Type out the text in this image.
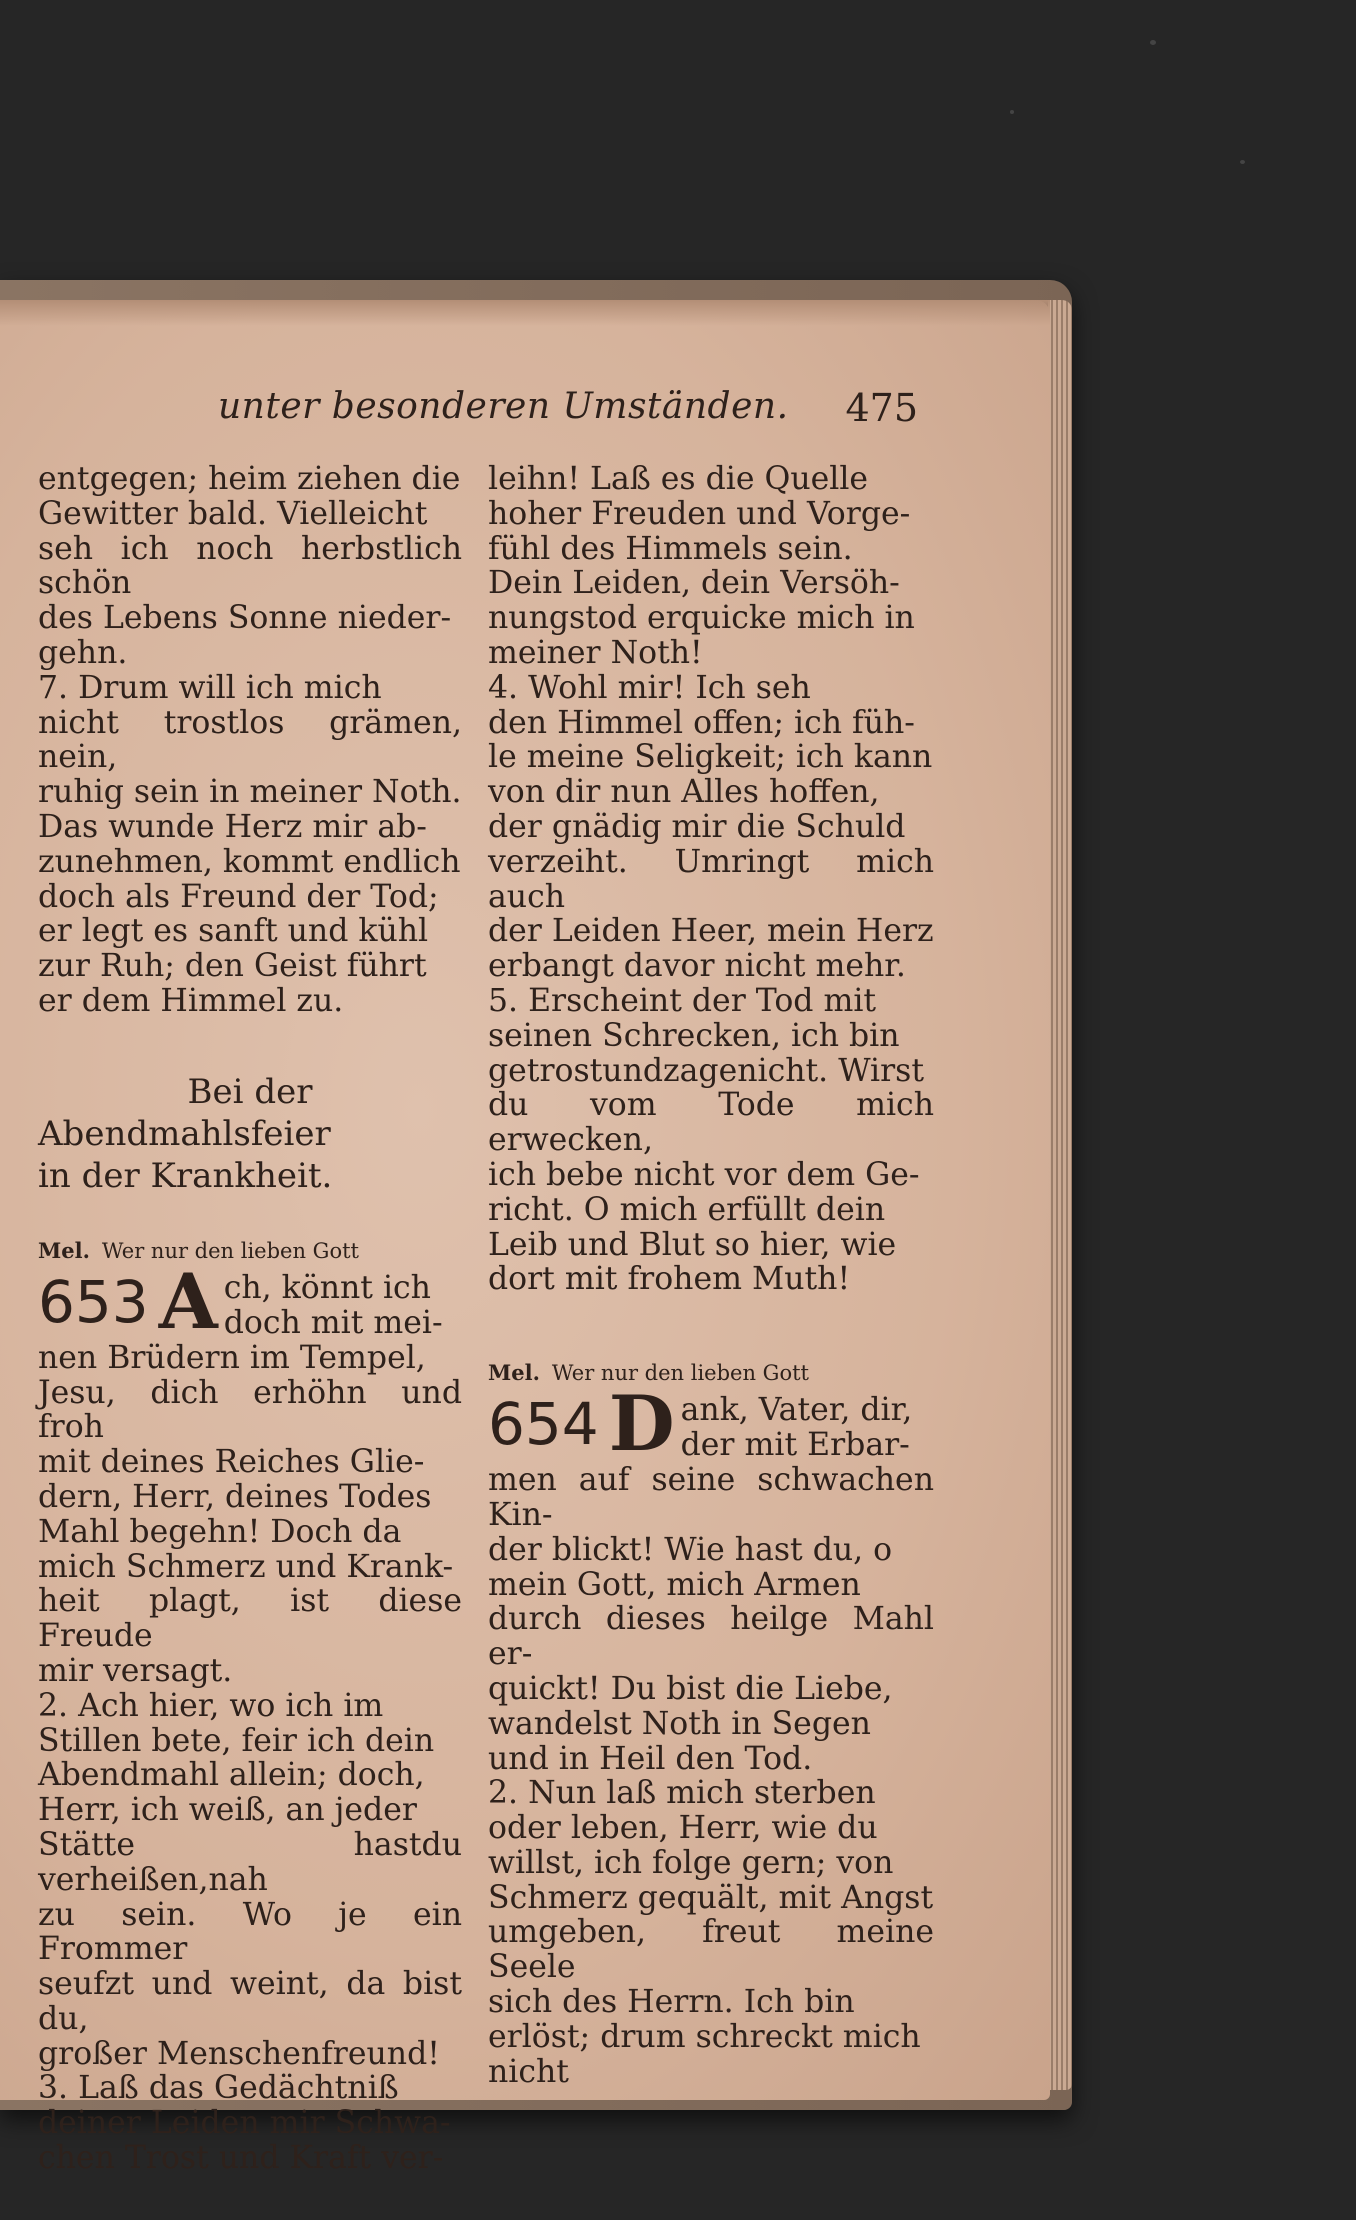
unter besonderen Umständen. 475

entgegen; heim ziehen die
Gewitter bald. Vielleicht
seh ich noch herbstlich schön
des Lebens Sonne nieder-
gehn.

7. Drum will ich mich
nicht trostlos grämen, nein,
ruhig sein in meiner Noth.
Das wunde Herz mir ab-
zunehmen, kommt endlich
doch als Freund der Tod;
er legt es sanft und kühl
zur Ruh; den Geist führt
er dem Himmel zu.

Bei der Abendmahlsfeier
in der Krankheit.
Mel. Wer nur den lieben Gott
653 A ch, könnt ich
doch mit mei-

nen Brüdern im Tempel,
Jesu, dich erhöhn und froh
mit deines Reiches Glie-
dern, Herr, deines Todes
Mahl begehn! Doch da
mich Schmerz und Krank-
heit plagt, ist diese Freude
mir versagt.

2. Ach hier, wo ich im
Stillen bete, feir ich dein
Abendmahl allein; doch,
Herr, ich weiß, an jeder
Stätte hastdu verheißen,nah
zu sein. Wo je ein Frommer
seufzt und weint, da bist du,
großer Menschenfreund!

3. Laß das Gedächtniß
deiner Leiden mir Schwa-
chen Trost und Kraft ver-

leihn! Laß es die Quelle
hoher Freuden und Vorge-
fühl des Himmels sein.
Dein Leiden, dein Versöh-
nungstod erquicke mich in
meiner Noth!

4. Wohl mir! Ich seh
den Himmel offen; ich füh-
le meine Seligkeit; ich kann
von dir nun Alles hoffen,
der gnädig mir die Schuld
verzeiht. Umringt mich auch
der Leiden Heer, mein Herz
erbangt davor nicht mehr.

5. Erscheint der Tod mit
seinen Schrecken, ich bin
getrostundzagenicht. Wirst
du vom Tode mich erwecken,
ich bebe nicht vor dem Ge-
richt. O mich erfüllt dein
Leib und Blut so hier, wie
dort mit frohem Muth!

Mel. Wer nur den lieben Gott
654 D ank, Vater, dir,
der mit Erbar-

men auf seine schwachen Kin-
der blickt! Wie hast du, o
mein Gott, mich Armen
durch dieses heilge Mahl er-
quickt! Du bist die Liebe,
wandelst Noth in Segen
und in Heil den Tod.

2. Nun laß mich sterben
oder leben, Herr, wie du
willst, ich folge gern; von
Schmerz gequält, mit Angst
umgeben, freut meine Seele
sich des Herrn. Ich bin
erlöst; drum schreckt mich

nicht
